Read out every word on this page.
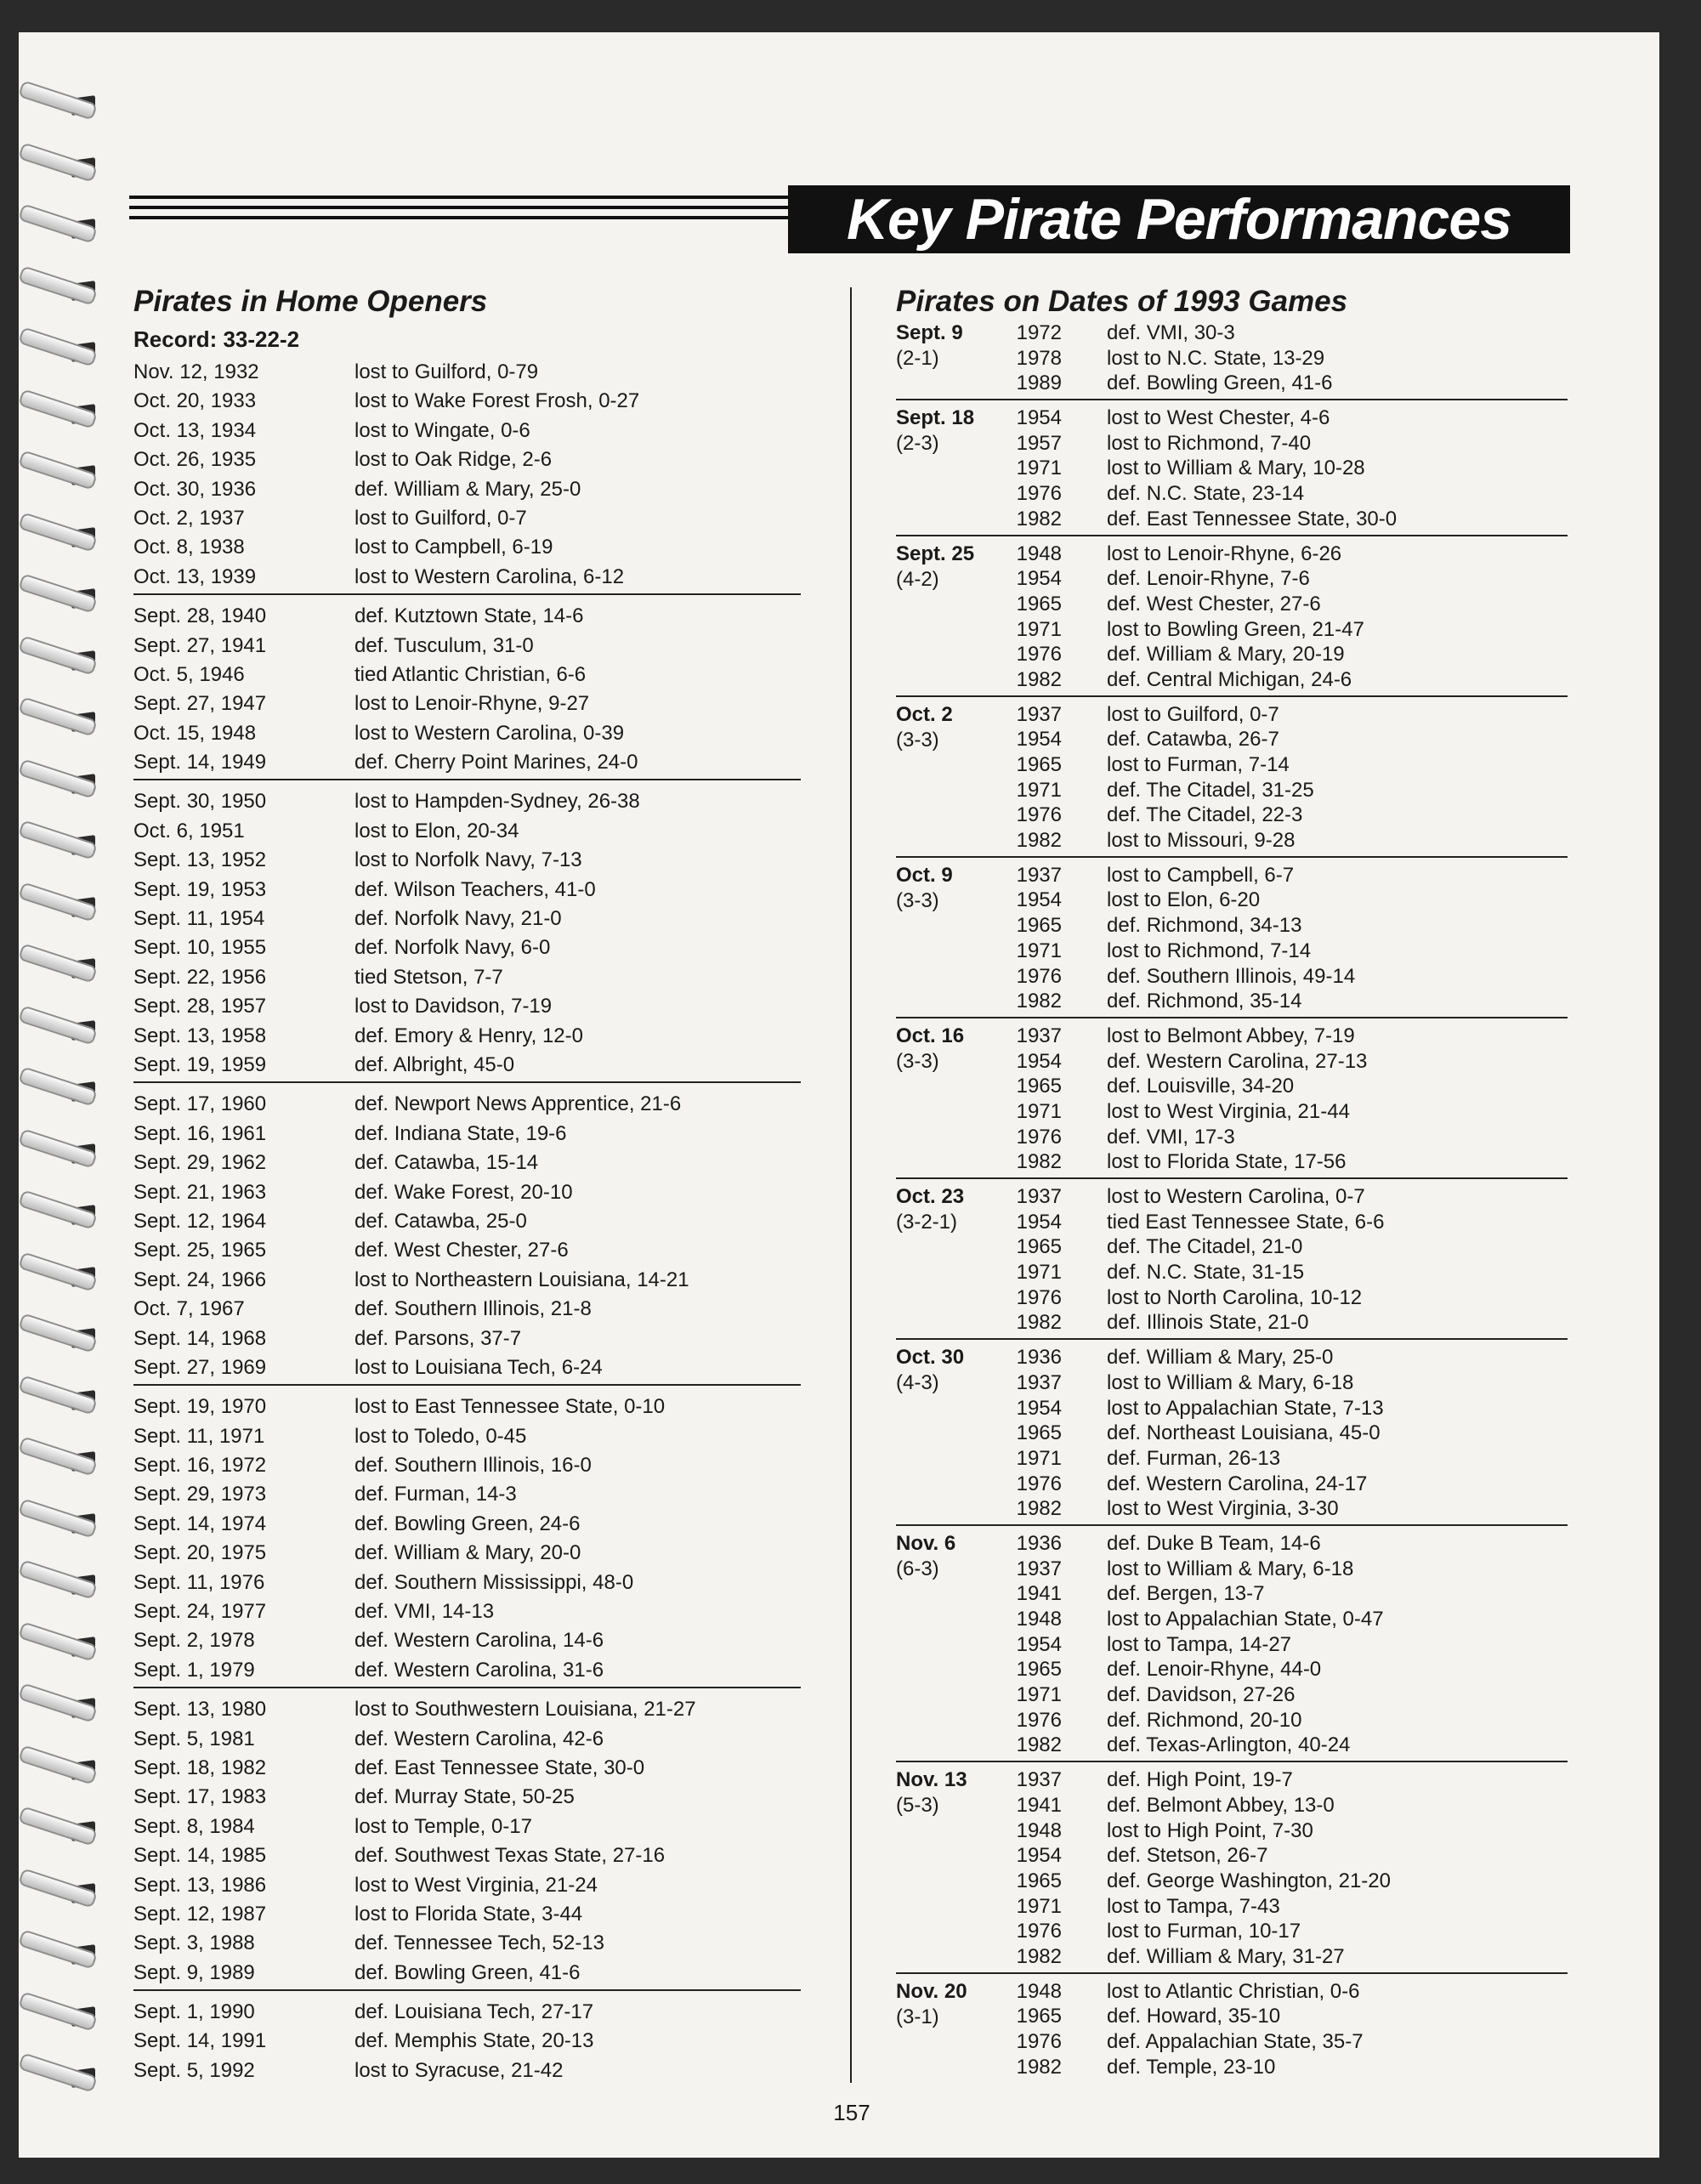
Key Pirate Performances
Pirates in Home Openers
Record: 33-22-2
Nov. 12, 1932	lost to Guilford, 0-79
Oct. 20, 1933	lost to Wake Forest Frosh, 0-27
Oct. 13, 1934	lost to Wingate, 0-6
Oct. 26, 1935	lost to Oak Ridge, 2-6
Oct. 30, 1936	def. William & Mary, 25-0
Oct. 2, 1937	lost to Guilford, 0-7
Oct. 8, 1938	lost to Campbell, 6-19
Oct. 13, 1939	lost to Western Carolina, 6-12
Sept. 28, 1940	def. Kutztown State, 14-6
Sept. 27, 1941	def. Tusculum, 31-0
Oct. 5, 1946	tied Atlantic Christian, 6-6
Sept. 27, 1947	lost to Lenoir-Rhyne, 9-27
Oct. 15, 1948	lost to Western Carolina, 0-39
Sept. 14, 1949	def. Cherry Point Marines, 24-0
Sept. 30, 1950	lost to Hampden-Sydney, 26-38
Oct. 6, 1951	lost to Elon, 20-34
Sept. 13, 1952	lost to Norfolk Navy, 7-13
Sept. 19, 1953	def. Wilson Teachers, 41-0
Sept. 11, 1954	def. Norfolk Navy, 21-0
Sept. 10, 1955	def. Norfolk Navy, 6-0
Sept. 22, 1956	tied Stetson, 7-7
Sept. 28, 1957	lost to Davidson, 7-19
Sept. 13, 1958	def. Emory & Henry, 12-0
Sept. 19, 1959	def. Albright, 45-0
Sept. 17, 1960	def. Newport News Apprentice, 21-6
Sept. 16, 1961	def. Indiana State, 19-6
Sept. 29, 1962	def. Catawba, 15-14
Sept. 21, 1963	def. Wake Forest, 20-10
Sept. 12, 1964	def. Catawba, 25-0
Sept. 25, 1965	def. West Chester, 27-6
Sept. 24, 1966	lost to Northeastern Louisiana, 14-21
Oct. 7, 1967	def. Southern Illinois, 21-8
Sept. 14, 1968	def. Parsons, 37-7
Sept. 27, 1969	lost to Louisiana Tech, 6-24
Sept. 19, 1970	lost to East Tennessee State, 0-10
Sept. 11, 1971	lost to Toledo, 0-45
Sept. 16, 1972	def. Southern Illinois, 16-0
Sept. 29, 1973	def. Furman, 14-3
Sept. 14, 1974	def. Bowling Green, 24-6
Sept. 20, 1975	def. William & Mary, 20-0
Sept. 11, 1976	def. Southern Mississippi, 48-0
Sept. 24, 1977	def. VMI, 14-13
Sept. 2, 1978	def. Western Carolina, 14-6
Sept. 1, 1979	def. Western Carolina, 31-6
Sept. 13, 1980	lost to Southwestern Louisiana, 21-27
Sept. 5, 1981	def. Western Carolina, 42-6
Sept. 18, 1982	def. East Tennessee State, 30-0
Sept. 17, 1983	def. Murray State, 50-25
Sept. 8, 1984	lost to Temple, 0-17
Sept. 14, 1985	def. Southwest Texas State, 27-16
Sept. 13, 1986	lost to West Virginia, 21-24
Sept. 12, 1987	lost to Florida State, 3-44
Sept. 3, 1988	def. Tennessee Tech, 52-13
Sept. 9, 1989	def. Bowling Green, 41-6
Sept. 1, 1990	def. Louisiana Tech, 27-17
Sept. 14, 1991	def. Memphis State, 20-13
Sept. 5, 1992	lost to Syracuse, 21-42
Pirates on Dates of 1993 Games
Sept. 9
(2-1)
1972 def. VMI, 30-3
1978 lost to N.C. State, 13-29
1989 def. Bowling Green, 41-6
Sept. 18
(2-3)
1954 lost to West Chester, 4-6
1957 lost to Richmond, 7-40
1971 lost to William & Mary, 10-28
1976 def. N.C. State, 23-14
1982 def. East Tennessee State, 30-0
Sept. 25
(4-2)
1948 lost to Lenoir-Rhyne, 6-26
1954 def. Lenoir-Rhyne, 7-6
1965 def. West Chester, 27-6
1971 lost to Bowling Green, 21-47
1976 def. William & Mary, 20-19
1982 def. Central Michigan, 24-6
Oct. 2
(3-3)
1937 lost to Guilford, 0-7
1954 def. Catawba, 26-7
1965 lost to Furman, 7-14
1971 def. The Citadel, 31-25
1976 def. The Citadel, 22-3
1982 lost to Missouri, 9-28
Oct. 9
(3-3)
1937 lost to Campbell, 6-7
1954 lost to Elon, 6-20
1965 def. Richmond, 34-13
1971 lost to Richmond, 7-14
1976 def. Southern Illinois, 49-14
1982 def. Richmond, 35-14
Oct. 16
(3-3)
1937 lost to Belmont Abbey, 7-19
1954 def. Western Carolina, 27-13
1965 def. Louisville, 34-20
1971 lost to West Virginia, 21-44
1976 def. VMI, 17-3
1982 lost to Florida State, 17-56
Oct. 23
(3-2-1)
1937 lost to Western Carolina, 0-7
1954 tied East Tennessee State, 6-6
1965 def. The Citadel, 21-0
1971 def. N.C. State, 31-15
1976 lost to North Carolina, 10-12
1982 def. Illinois State, 21-0
Oct. 30
(4-3)
1936 def. William & Mary, 25-0
1937 lost to William & Mary, 6-18
1954 lost to Appalachian State, 7-13
1965 def. Northeast Louisiana, 45-0
1971 def. Furman, 26-13
1976 def. Western Carolina, 24-17
1982 lost to West Virginia, 3-30
Nov. 6
(6-3)
1936 def. Duke B Team, 14-6
1937 lost to William & Mary, 6-18
1941 def. Bergen, 13-7
1948 lost to Appalachian State, 0-47
1954 lost to Tampa, 14-27
1965 def. Lenoir-Rhyne, 44-0
1971 def. Davidson, 27-26
1976 def. Richmond, 20-10
1982 def. Texas-Arlington, 40-24
Nov. 13
(5-3)
1937 def. High Point, 19-7
1941 def. Belmont Abbey, 13-0
1948 lost to High Point, 7-30
1954 def. Stetson, 26-7
1965 def. George Washington, 21-20
1971 lost to Tampa, 7-43
1976 lost to Furman, 10-17
1982 def. William & Mary, 31-27
Nov. 20
(3-1)
1948 lost to Atlantic Christian, 0-6
1965 def. Howard, 35-10
1976 def. Appalachian State, 35-7
1982 def. Temple, 23-10
157
